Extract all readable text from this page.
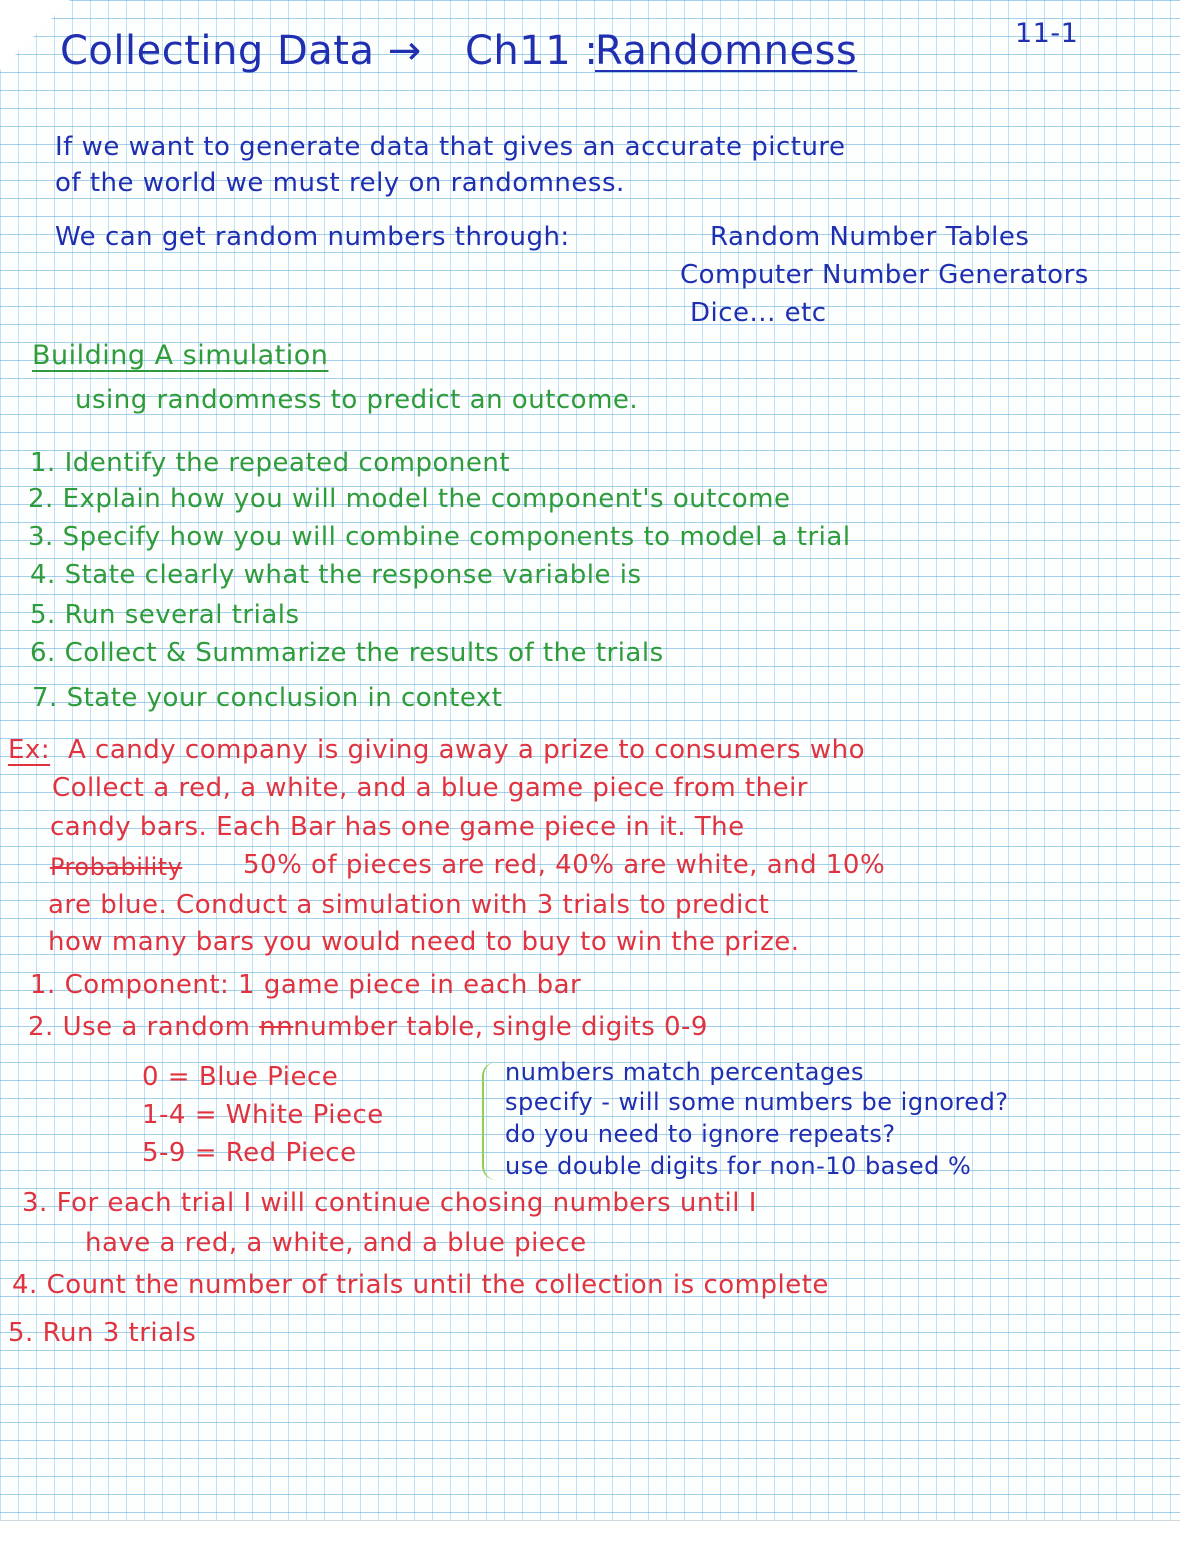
Collecting Data → Ch11 :
Randomness	11-1
If we want to generate data that gives an accurate picture
of the world we must rely on randomness.
We can get random numbers through:	Random Number Tables
Computer Number Generators
Dice... etc
Building A simulation
using randomness to predict an outcome.
1. Identify the repeated component
2. Explain how you will model the component's outcome
3. Specify how you will combine components to model a trial
4. State clearly what the response variable is
5. Run several trials
6. Collect & Summarize the results of the trials
7. State your conclusion in context
Ex: A candy company is giving away a prize to consumers who
Collect a red, a white, and a blue game piece from their
candy bars. Each Bar has one game piece in it. The
Probability 50% of pieces are red, 40% are white, and 10%
are blue. Conduct a simulation with 3 trials to predict
how many bars you would need to buy to win the prize.
1. Component: 1 game piece in each bar
2. Use a random nnnumber table, single digits 0-9
0 = Blue Piece
1-4 = White Piece
5-9 = Red Piece
numbers match percentages
specify - will some numbers be ignored?
do you need to ignore repeats?
use double digits for non-10 based %
3. For each trial I will continue chosing numbers until I
have a red, a white, and a blue piece
4. Count the number of trials until the collection is complete
5. Run 3 trials
